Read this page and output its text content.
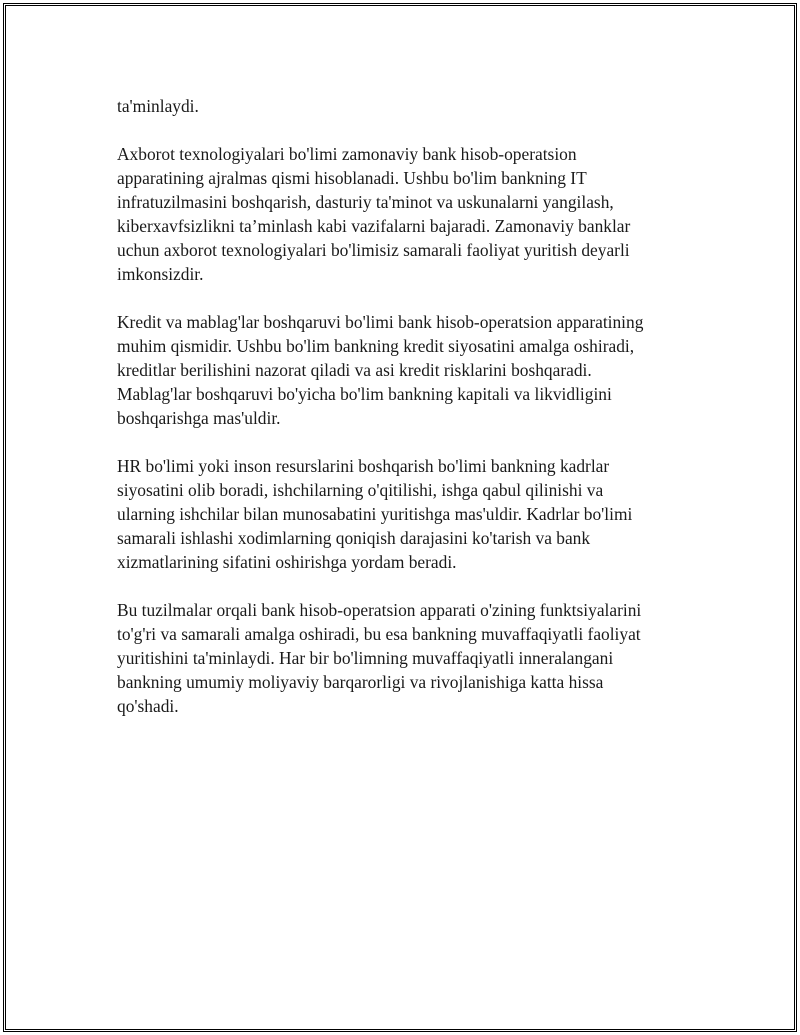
ta'minlaydi.

Axborot texnologiyalari bo'limi zamonaviy bank hisob-operatsion
apparatining ajralmas qismi hisoblanadi. Ushbu bo'lim bankning IT
infratuzilmasini boshqarish, dasturiy ta'minot va uskunalarni yangilash,
kiberxavfsizlikni ta’minlash kabi vazifalarni bajaradi. Zamonaviy banklar
uchun axborot texnologiyalari bo'limisiz samarali faoliyat yuritish deyarli
imkonsizdir.

Kredit va mablag'lar boshqaruvi bo'limi bank hisob-operatsion apparatining
muhim qismidir. Ushbu bo'lim bankning kredit siyosatini amalga oshiradi,
kreditlar berilishini nazorat qiladi va asi kredit risklarini boshqaradi.
Mablag'lar boshqaruvi bo'yicha bo'lim bankning kapitali va likvidligini
boshqarishga mas'uldir.

HR bo'limi yoki inson resurslarini boshqarish bo'limi bankning kadrlar
siyosatini olib boradi, ishchilarning o'qitilishi, ishga qabul qilinishi va
ularning ishchilar bilan munosabatini yuritishga mas'uldir. Kadrlar bo'limi
samarali ishlashi xodimlarning qoniqish darajasini ko'tarish va bank
xizmatlarining sifatini oshirishga yordam beradi.

Bu tuzilmalar orqali bank hisob-operatsion apparati o'zining funktsiyalarini
to'g'ri va samarali amalga oshiradi, bu esa bankning muvaffaqiyatli faoliyat
yuritishini ta'minlaydi. Har bir bo'limning muvaffaqiyatli inneralangani
bankning umumiy moliyaviy barqarorligi va rivojlanishiga katta hissa
qo'shadi.
